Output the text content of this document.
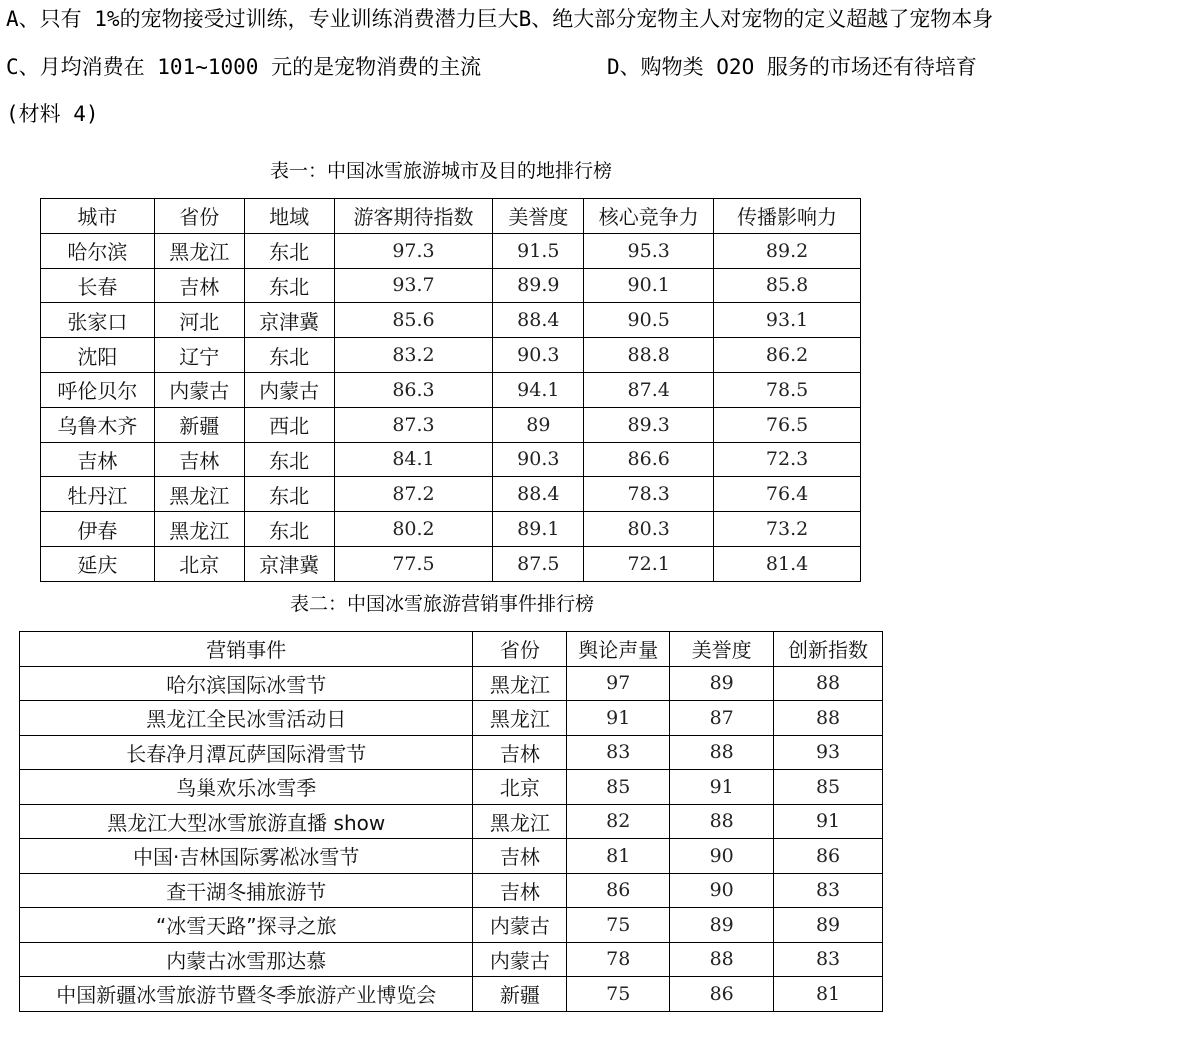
A、只有 1%的宠物接受过训练，专业训练消费潜力巨大B、绝大部分宠物主人对宠物的定义超越了宠物本身
C、月均消费在 101~1000 元的是宠物消费的主流	D、购物类 O2O 服务的市场还有待培育
(材料 4)
表一：中国冰雪旅游城市及目的地排行榜
城市	省份	地域	游客期待指数	美誉度	核心竞争力	传播影响力
哈尔滨	黑龙江	东北	97.3	91.5	95.3	89.2
长春	吉林	东北	93.7	89.9	90.1	85.8
张家口	河北	京津冀	85.6	88.4	90.5	93.1
沈阳	辽宁	东北	83.2	90.3	88.8	86.2
呼伦贝尔	内蒙古	内蒙古	86.3	94.1	87.4	78.5
乌鲁木齐	新疆	西北	87.3	89	89.3	76.5
吉林	吉林	东北	84.1	90.3	86.6	72.3
牡丹江	黑龙江	东北	87.2	88.4	78.3	76.4
伊春	黑龙江	东北	80.2	89.1	80.3	73.2
延庆	北京	京津冀	77.5	87.5	72.1	81.4
表二：中国冰雪旅游营销事件排行榜
营销事件	省份	舆论声量	美誉度	创新指数
哈尔滨国际冰雪节	黑龙江	97	89	88
黑龙江全民冰雪活动日	黑龙江	91	87	88
长春净月潭瓦萨国际滑雪节	吉林	83	88	93
鸟巢欢乐冰雪季	北京	85	91	85
黑龙江大型冰雪旅游直播 show	黑龙江	82	88	91
中国·吉林国际雾凇冰雪节	吉林	81	90	86
查干湖冬捕旅游节	吉林	86	90	83
“冰雪天路”探寻之旅	内蒙古	75	89	89
内蒙古冰雪那达慕	内蒙古	78	88	83
中国新疆冰雪旅游节暨冬季旅游产业博览会	新疆	75	86	81
